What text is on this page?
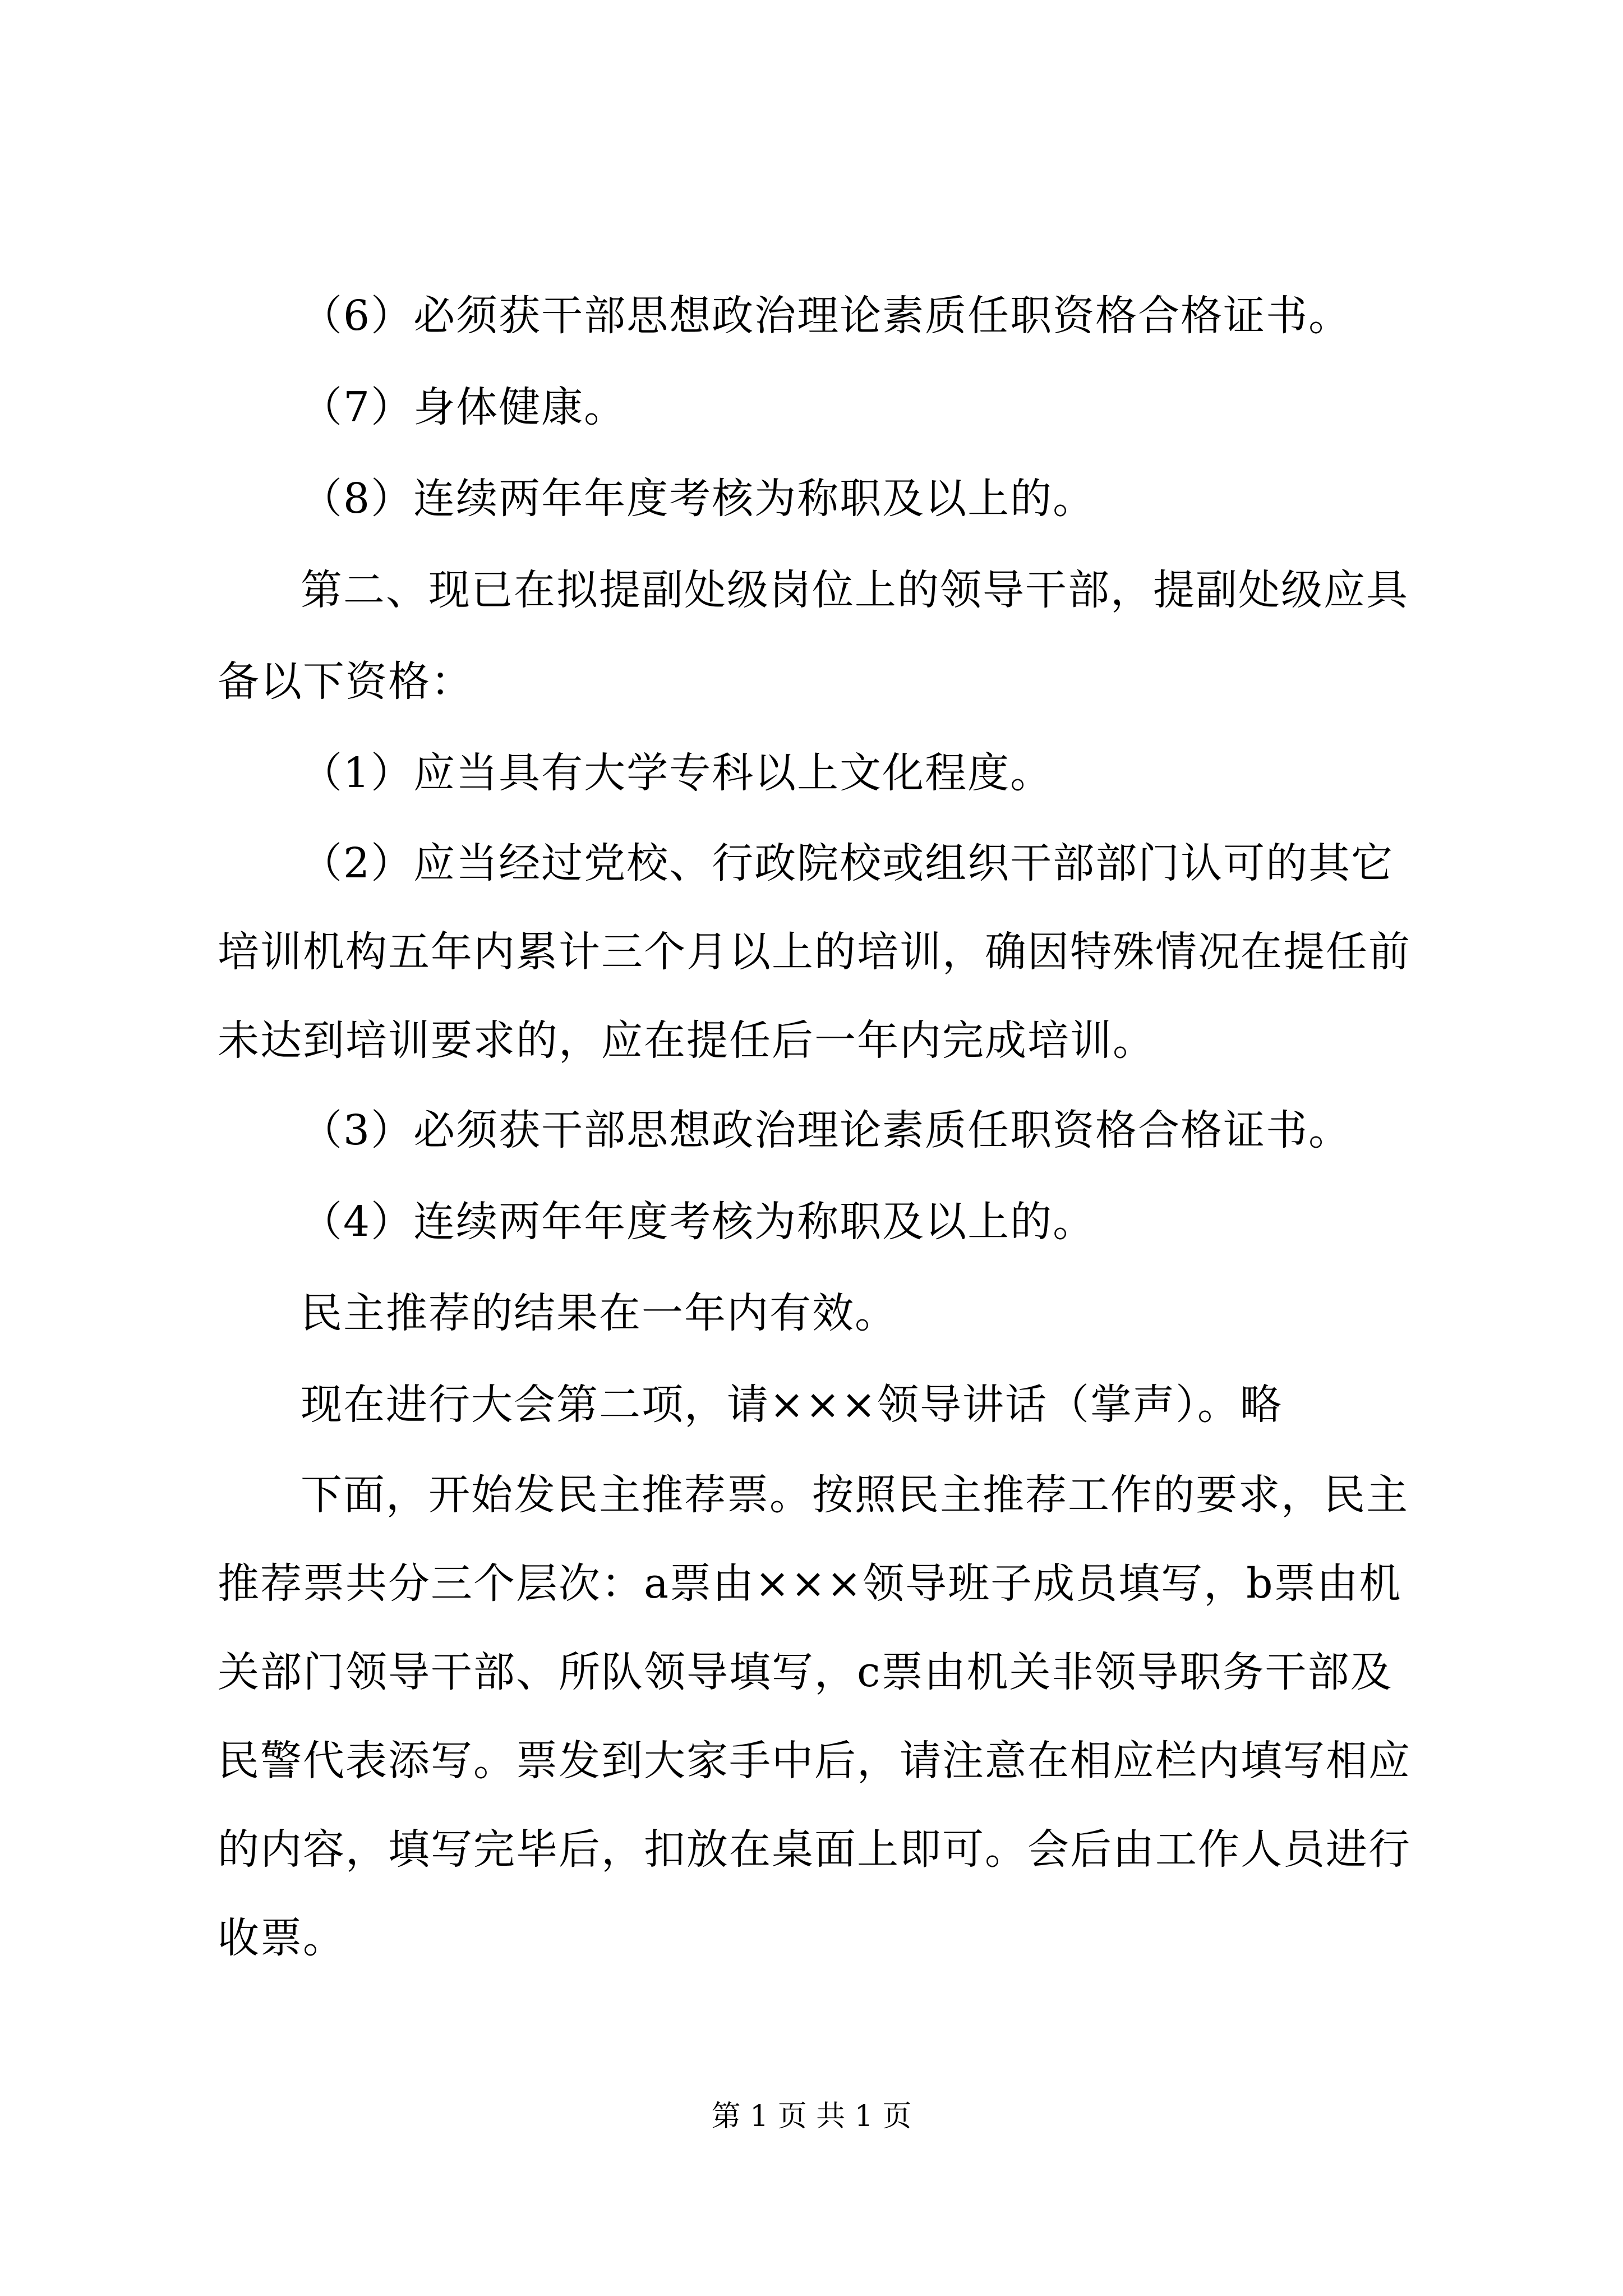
（6）必须获干部思想政治理论素质任职资格合格证书。

（7）身体健康。

（8）连续两年年度考核为称职及以上的。

第二、现已在拟提副处级岗位上的领导干部，提副处级应具备以下资格：

（1）应当具有大学专科以上文化程度。

（2）应当经过党校、行政院校或组织干部部门认可的其它培训机构五年内累计三个月以上的培训，确因特殊情况在提任前未达到培训要求的，应在提任后一年内完成培训。

（3）必须获干部思想政治理论素质任职资格合格证书。

（4）连续两年年度考核为称职及以上的。

民主推荐的结果在一年内有效。

现在进行大会第二项，请×××领导讲话（掌声）。略

下面，开始发民主推荐票。按照民主推荐工作的要求，民主推荐票共分三个层次：a票由×××领导班子成员填写，b票由机关部门领导干部、所队领导填写，c票由机关非领导职务干部及民警代表添写。票发到大家手中后，请注意在相应栏内填写相应的内容，填写完毕后，扣放在桌面上即可。会后由工作人员进行收票。

第 1 页 共 1 页
